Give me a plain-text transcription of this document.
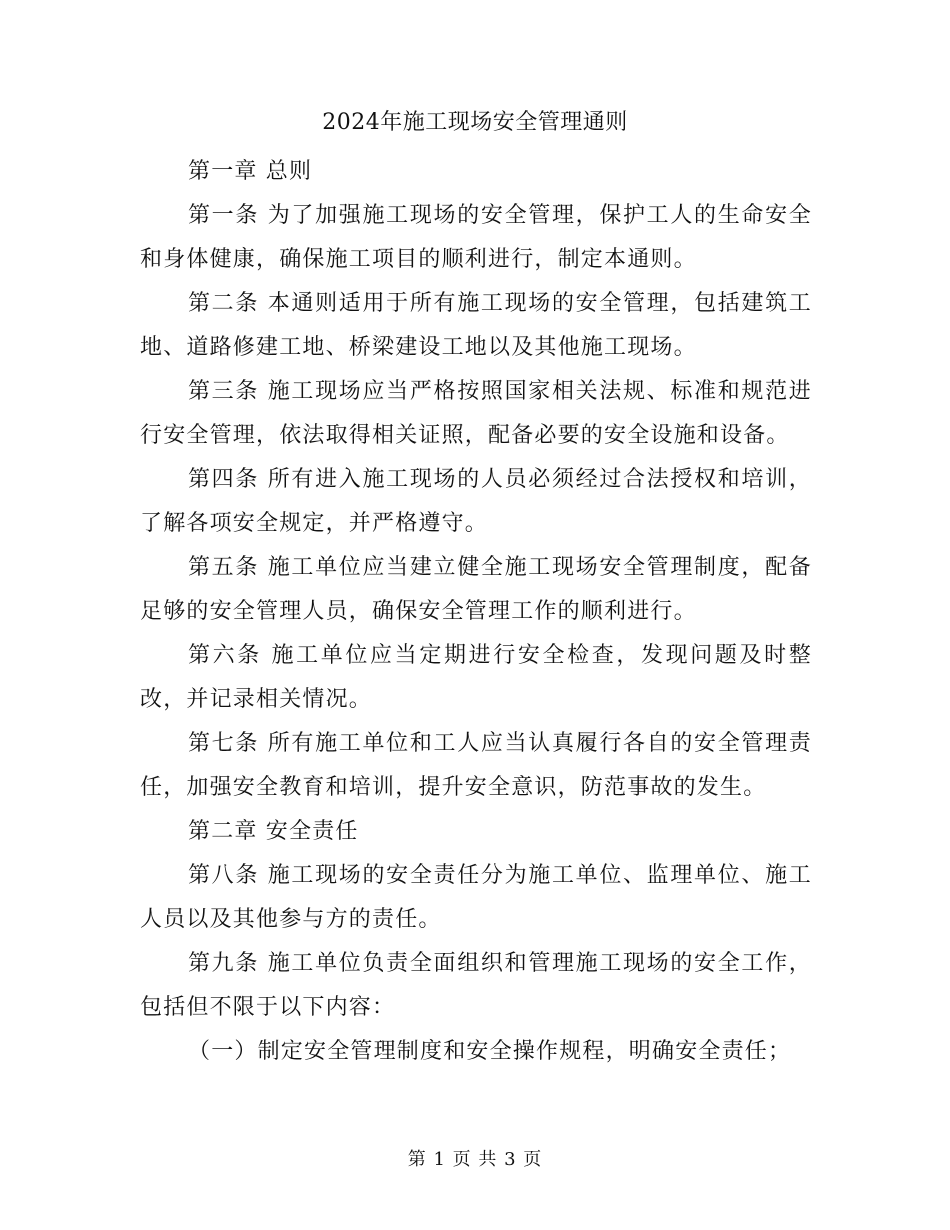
2024年施工现场安全管理通则

第一章 总则

第一条 为了加强施工现场的安全管理，保护工人的生命安全和身体健康，确保施工项目的顺利进行，制定本通则。

第二条 本通则适用于所有施工现场的安全管理，包括建筑工地、道路修建工地、桥梁建设工地以及其他施工现场。

第三条 施工现场应当严格按照国家相关法规、标准和规范进行安全管理，依法取得相关证照，配备必要的安全设施和设备。

第四条 所有进入施工现场的人员必须经过合法授权和培训，了解各项安全规定，并严格遵守。

第五条 施工单位应当建立健全施工现场安全管理制度，配备足够的安全管理人员，确保安全管理工作的顺利进行。

第六条 施工单位应当定期进行安全检查，发现问题及时整改，并记录相关情况。

第七条 所有施工单位和工人应当认真履行各自的安全管理责任，加强安全教育和培训，提升安全意识，防范事故的发生。

第二章 安全责任

第八条 施工现场的安全责任分为施工单位、监理单位、施工人员以及其他参与方的责任。

第九条 施工单位负责全面组织和管理施工现场的安全工作，包括但不限于以下内容：

（一）制定安全管理制度和安全操作规程，明确安全责任；

第 1 页 共 3 页
